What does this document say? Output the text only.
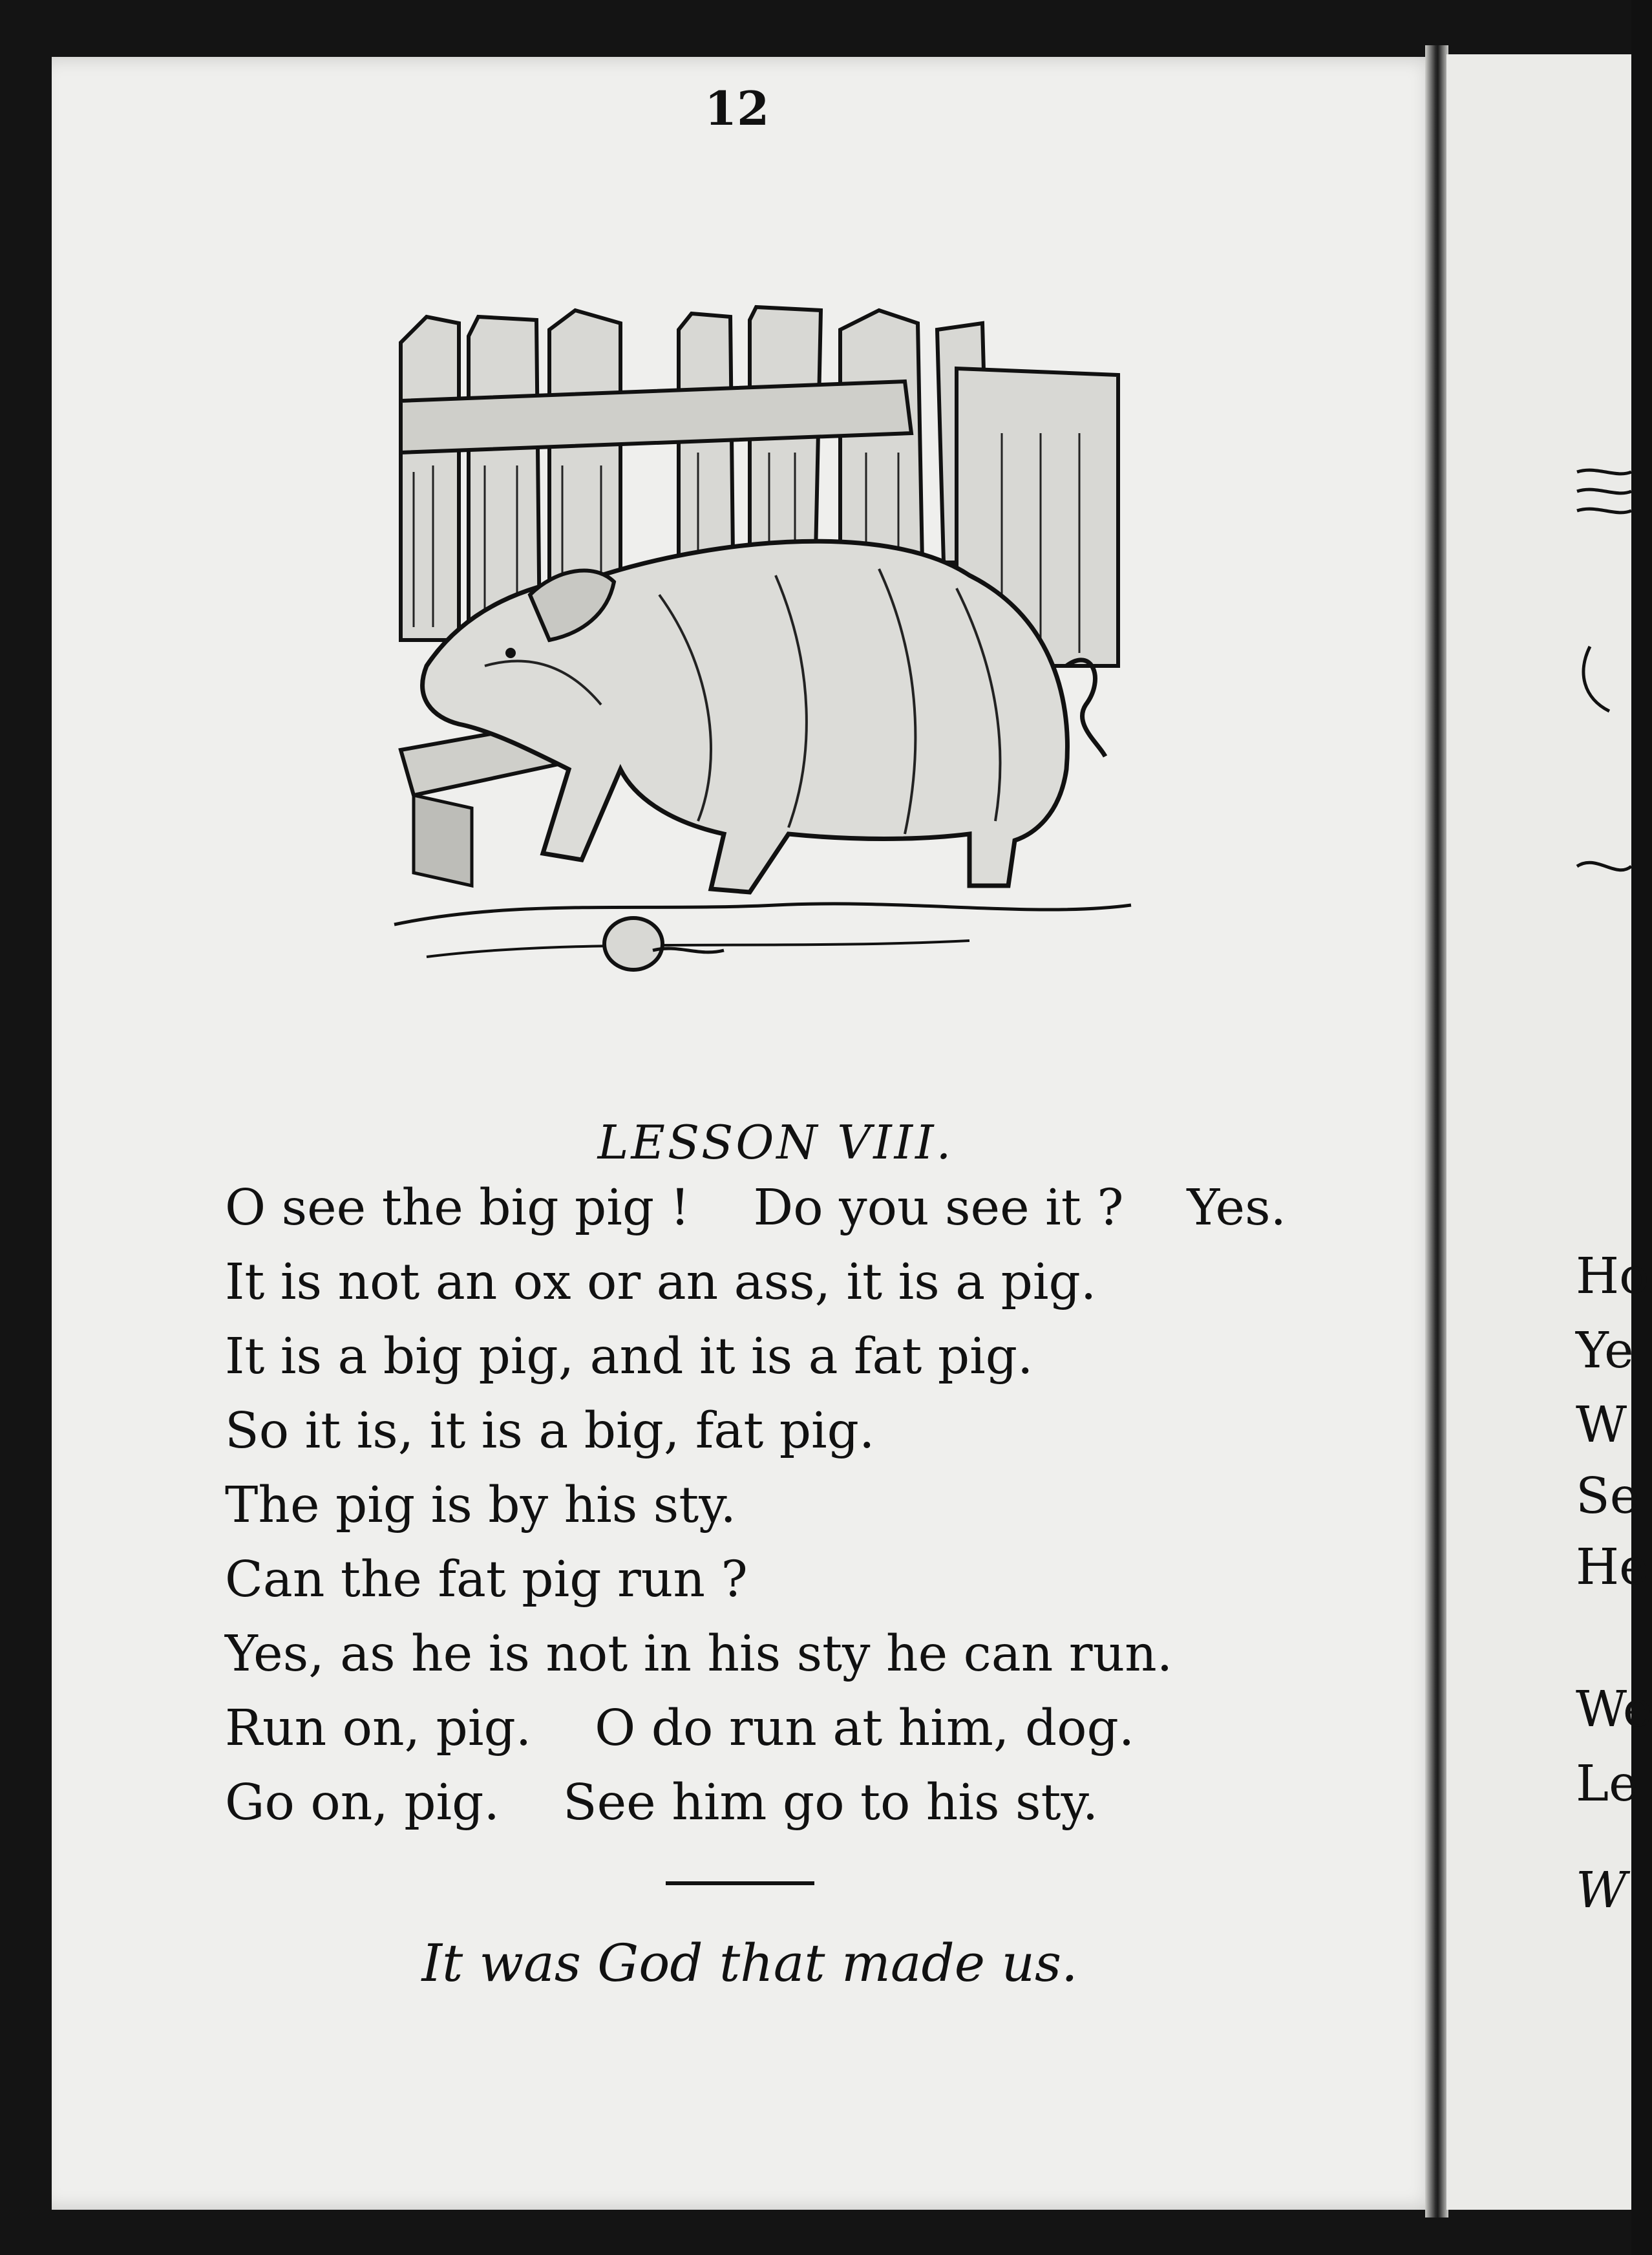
12
LESSON VIII.
O see the big pig !    Do you see it ?    Yes.
It is not an ox or an ass, it is a pig.
It is a big pig, and it is a fat pig.
So it is, it is a big, fat pig.
The pig is by his sty.
Can the fat pig run ?
Yes, as he is not in his sty he can run.
Run on, pig.    O do run at him, dog.
Go on, pig.    See him go to his sty.
It was God that made us.
Ho
Ye
W
Se
He
We
Le
W
